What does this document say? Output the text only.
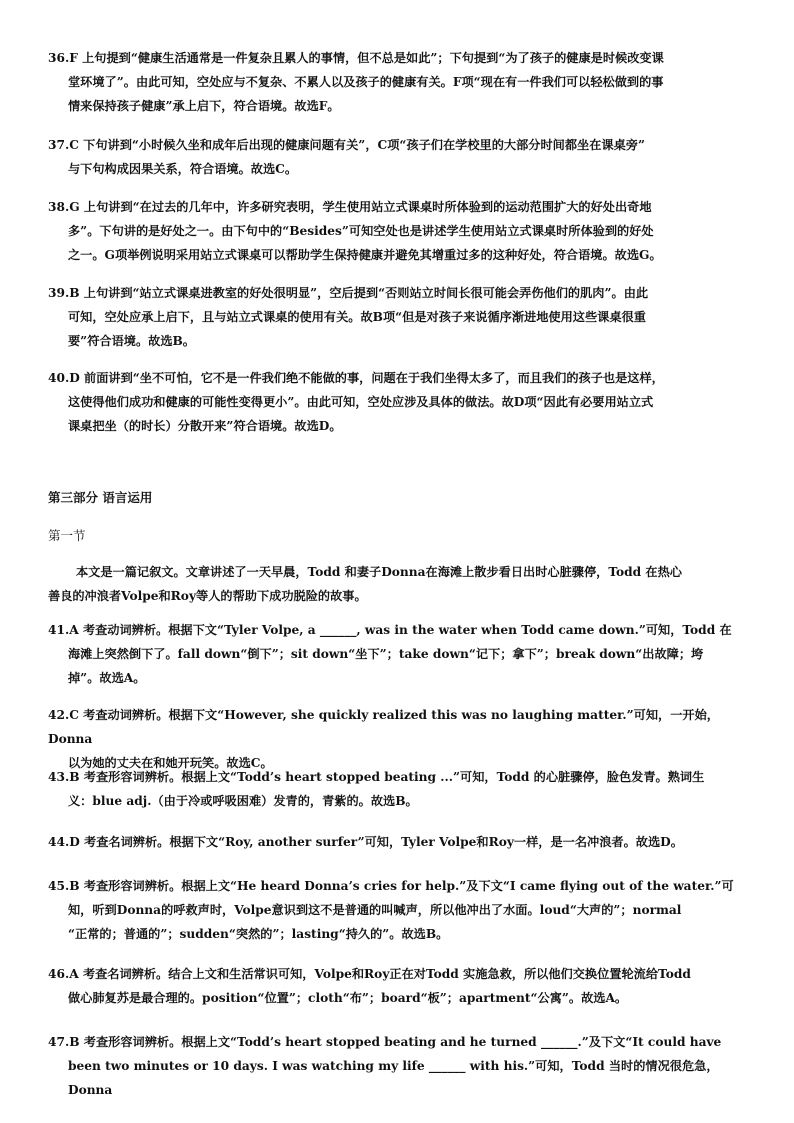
36.F 上句提到“健康生活通常是一件复杂且累人的事情，但不总是如此”；下句提到“为了孩子的健康是时候改变课
堂环境了”。由此可知，空处应与不复杂、不累人以及孩子的健康有关。F项“现在有一件我们可以轻松做到的事
情来保持孩子健康”承上启下，符合语境。故选F。
37.C 下句讲到“小时候久坐和成年后出现的健康问题有关”，C项“孩子们在学校里的大部分时间都坐在课桌旁”
与下句构成因果关系，符合语境。故选C。
38.G 上句讲到“在过去的几年中，许多研究表明，学生使用站立式课桌时所体验到的运动范围扩大的好处出奇地
多”。下句讲的是好处之一。由下句中的“Besides”可知空处也是讲述学生使用站立式课桌时所体验到的好处
之一。G项举例说明采用站立式课桌可以帮助学生保持健康并避免其增重过多的这种好处，符合语境。故选G。
39.B 上句讲到“站立式课桌进教室的好处很明显”，空后提到“否则站立时间长很可能会弄伤他们的肌肉”。由此
可知，空处应承上启下，且与站立式课桌的使用有关。故B项“但是对孩子来说循序渐进地使用这些课桌很重
要”符合语境。故选B。
40.D 前面讲到“坐不可怕，它不是一件我们绝不能做的事，问题在于我们坐得太多了，而且我们的孩子也是这样，
这使得他们成功和健康的可能性变得更小”。由此可知，空处应涉及具体的做法。故D项“因此有必要用站立式
课桌把坐（的时长）分散开来”符合语境。故选D。
第三部分 语言运用
第一节
本文是一篇记叙文。文章讲述了一天早晨，Todd 和妻子Donna在海滩上散步看日出时心脏骤停，Todd 在热心
善良的冲浪者Volpe和Roy等人的帮助下成功脱险的故事。
41.A 考查动词辨析。根据下文“Tyler Volpe, a ______, was in the water when Todd came down.”可知，Todd 在
海滩上突然倒下了。fall down“倒下”；sit down“坐下”；take down“记下；拿下”；break down“出故障；垮
掉”。故选A。
42.C 考查动词辨析。根据下文“However, she quickly realized this was no laughing matter.”可知，一开始，Donna
以为她的丈夫在和她开玩笑。故选C。
43.B 考查形容词辨析。根据上文“Todd’s heart stopped beating ...”可知，Todd 的心脏骤停，脸色发青。熟词生
义：blue adj.（由于冷或呼吸困难）发青的，青紫的。故选B。
44.D 考查名词辨析。根据下文“Roy, another surfer”可知，Tyler Volpe和Roy一样，是一名冲浪者。故选D。
45.B 考查形容词辨析。根据上文“He heard Donna’s cries for help.”及下文“I came flying out of the water.”可
知，听到Donna的呼救声时，Volpe意识到这不是普通的叫喊声，所以他冲出了水面。loud“大声的”；normal
“正常的；普通的”；sudden“突然的”；lasting“持久的”。故选B。
46.A 考查名词辨析。结合上文和生活常识可知，Volpe和Roy正在对Todd 实施急救，所以他们交换位置轮流给Todd
做心肺复苏是最合理的。position“位置”；cloth“布”；board“板”；apartment“公寓”。故选A。
47.B 考查形容词辨析。根据上文“Todd’s heart stopped beating and he turned ______.”及下文“It could have
been two minutes or 10 days. I was watching my life ______ with his.”可知，Todd 当时的情况很危急，Donna
